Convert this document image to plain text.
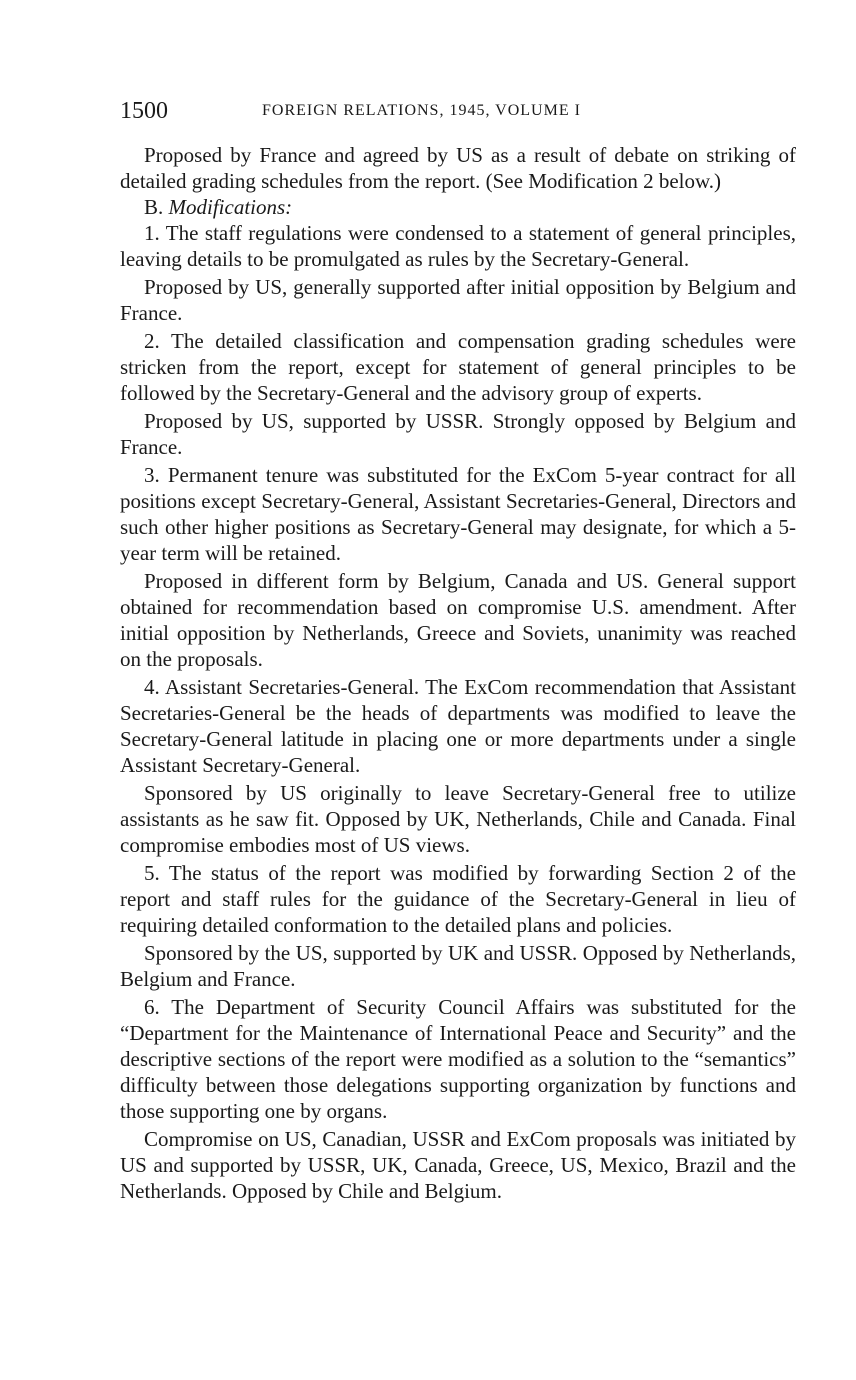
1500	FOREIGN RELATIONS, 1945, VOLUME I

Proposed by France and agreed by US as a result of debate on striking of detailed grading schedules from the report. (See Modification 2 below.)

B. Modifications:

1. The staff regulations were condensed to a statement of general principles, leaving details to be promulgated as rules by the Secretary-General.

Proposed by US, generally supported after initial opposition by Belgium and France.

2. The detailed classification and compensation grading schedules were stricken from the report, except for statement of general principles to be followed by the Secretary-General and the advisory group of experts.

Proposed by US, supported by USSR. Strongly opposed by Belgium and France.

3. Permanent tenure was substituted for the ExCom 5-year contract for all positions except Secretary-General, Assistant Secretaries-General, Directors and such other higher positions as Secretary-General may designate, for which a 5-year term will be retained.

Proposed in different form by Belgium, Canada and US. General support obtained for recommendation based on compromise U.S. amendment. After initial opposition by Netherlands, Greece and Soviets, unanimity was reached on the proposals.

4. Assistant Secretaries-General. The ExCom recommendation that Assistant Secretaries-General be the heads of departments was modified to leave the Secretary-General latitude in placing one or more departments under a single Assistant Secretary-General.

Sponsored by US originally to leave Secretary-General free to utilize assistants as he saw fit. Opposed by UK, Netherlands, Chile and Canada. Final compromise embodies most of US views.

5. The status of the report was modified by forwarding Section 2 of the report and staff rules for the guidance of the Secretary-General in lieu of requiring detailed conformation to the detailed plans and policies.

Sponsored by the US, supported by UK and USSR. Opposed by Netherlands, Belgium and France.

6. The Department of Security Council Affairs was substituted for the “Department for the Maintenance of International Peace and Security” and the descriptive sections of the report were modified as a solution to the “semantics” difficulty between those delegations supporting organization by functions and those supporting one by organs.

Compromise on US, Canadian, USSR and ExCom proposals was initiated by US and supported by USSR, UK, Canada, Greece, US, Mexico, Brazil and the Netherlands. Opposed by Chile and Belgium.
